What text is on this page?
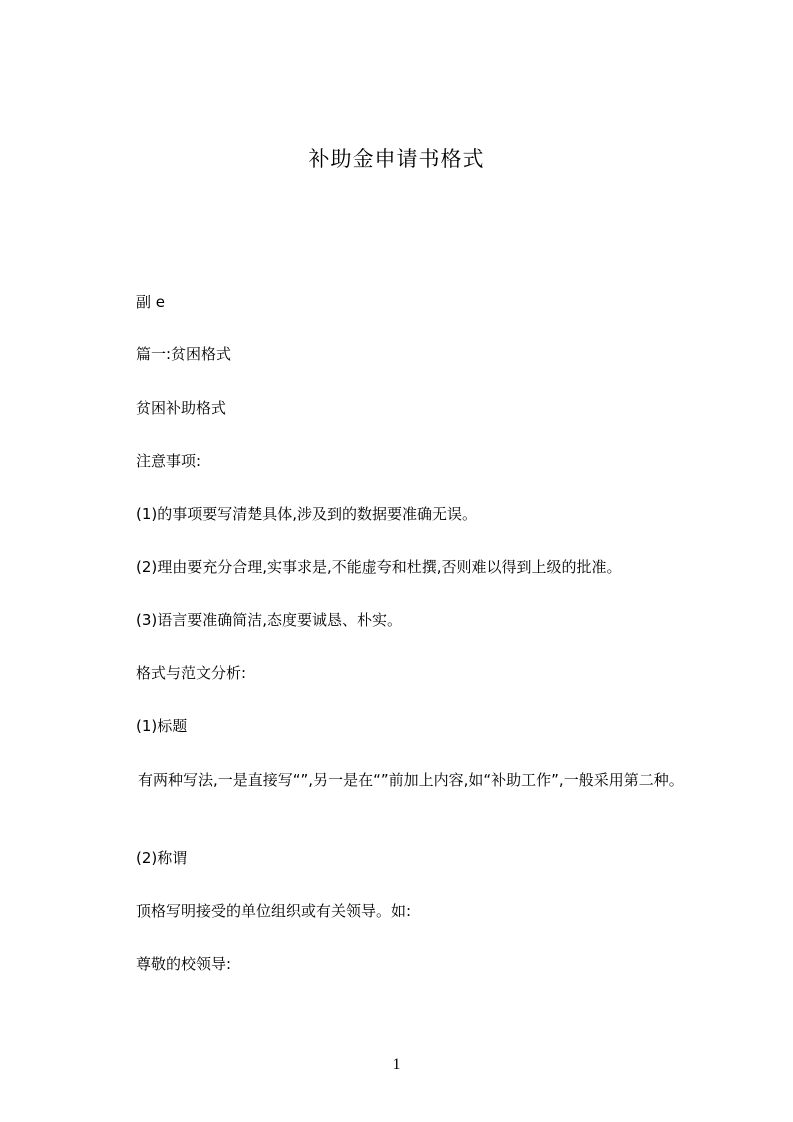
补助金申请书格式
副 e
篇一:贫困格式
贫困补助格式
注意事项:
(1)的事项要写清楚具体,涉及到的数据要准确无误。
(2)理由要充分合理,实事求是,不能虚夸和杜撰,否则难以得到上级的批准。
(3)语言要准确简洁,态度要诚恳、朴实。
格式与范文分析:
(1)标题
有两种写法,一是直接写“”,另一是在“”前加上内容,如“补助工作”,一般采用第二种。
(2)称谓
顶格写明接受的单位组织或有关领导。如:
尊敬的校领导:
1
